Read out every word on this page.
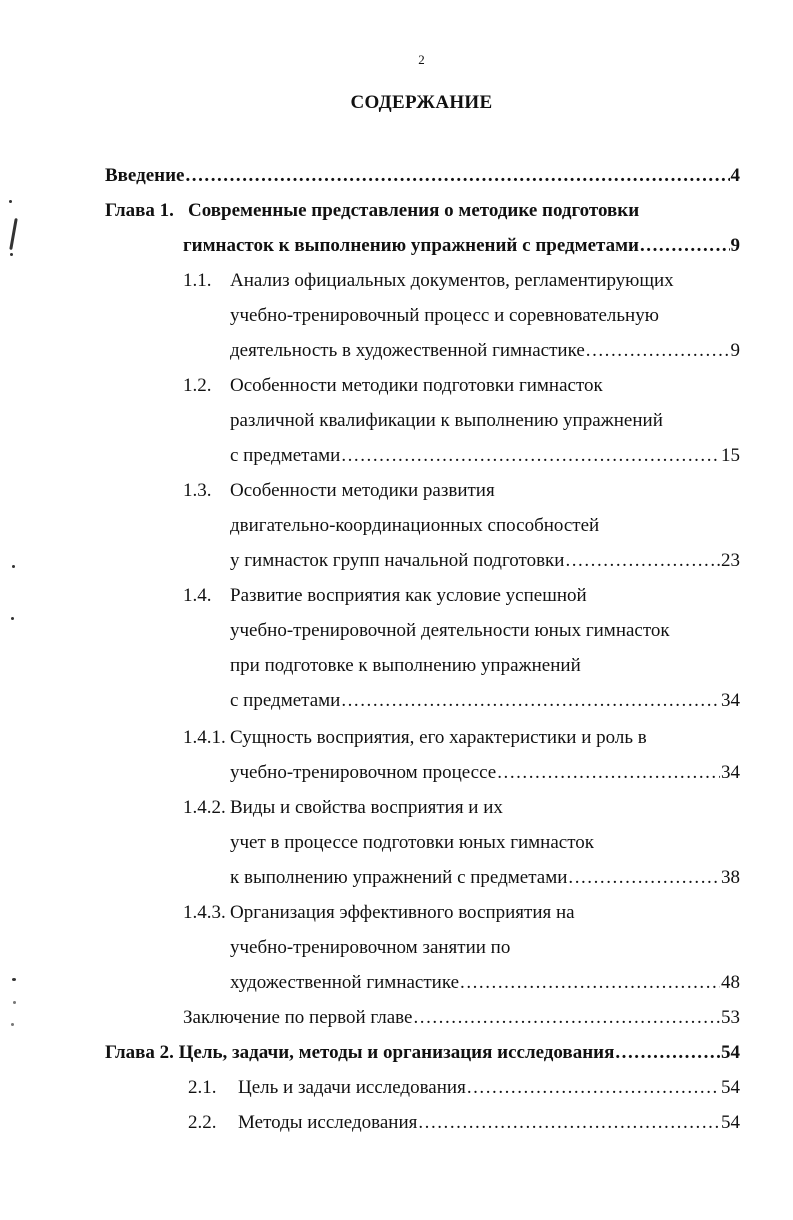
2
СОДЕРЖАНИЕ
Введение . . .	4
Глава 1. Современные представления о методике подготовки
гимнасток к выполнению упражнений с предметами . . .	9
1.1. Анализ официальных документов, регламентирующих
учебно-тренировочный процесс и соревновательную
деятельность в художественной гимнастике . . .	9
1.2. Особенности методики подготовки гимнасток
различной квалификации к выполнению упражнений
с предметами . . .	15
1.3. Особенности методики развития
двигательно-координационных способностей
у гимнасток групп начальной подготовки . . .	.23
1.4. Развитие восприятия как условие успешной
учебно-тренировочной деятельности юных гимнасток
при подготовке к выполнению упражнений
с предметами . . .	34
1.4.1. Сущность восприятия, его характеристики и роль в
учебно-тренировочном процессе . . .	34
1.4.2. Виды и свойства восприятия и их
учет в процессе подготовки юных гимнасток
к выполнению упражнений с предметами . . .	38
1.4.3. Организация эффективного восприятия на
учебно-тренировочном занятии по
художественной гимнастике . . .	48
Заключение по первой главе . . .	53
Глава 2. Цель, задачи, методы и организация исследования . . .	54
2.1. Цель и задачи исследования . . .	54
2.2. Методы исследования . . .	54
